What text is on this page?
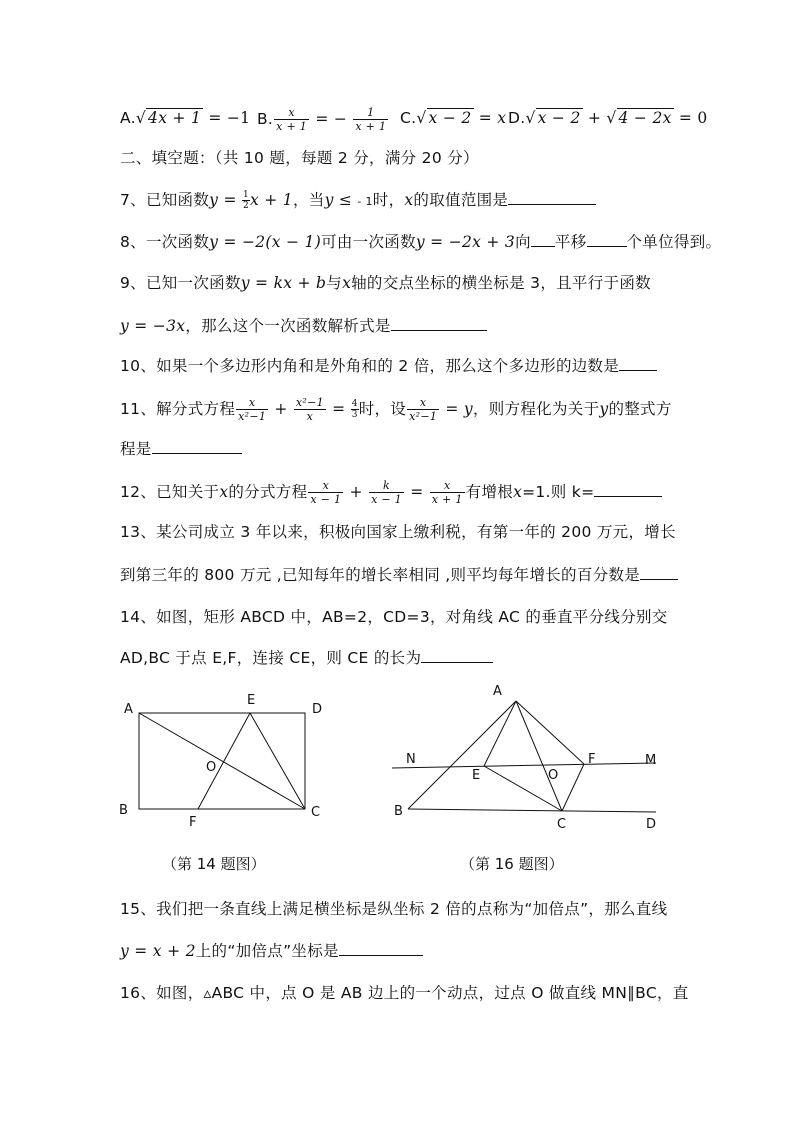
A.√ 4x + 1 = −1 B. $\frac{x}{x + 1}$ = − $\frac{1}{x + 1} C.√$ x − 2 = x D.√ x − 2 + √ 4 − 2x = 0
二、填空题：（共 10 题，每题 2 分，满分 20 分）
7、已知函数$y = \frac{1}{2}$ x + 1，当y ≤ - 1时，x的取值范围是
8、一次函数y = −2(x − 1)可由一次函数y = −2x + 3向 平移	个单位得到。
9、已知一次函数y = kx + b与x轴的交点坐标的横坐标是 3，且平行于函数
y = −3x，那么这个一次函数解析式是
10、如果一个多边形内角和是外角和的 2 倍，那么这个多边形的边数是
11、解分式方程 $\frac{x}{\text{x²−1}} + \frac{\text{x²−1}}{x} = \frac{4}{3}$ 时，设 $\frac{x}{\text{x²−1}} = y$，则方程化为关于y的整式方
程是
12、已知关于x的分式方程 $\frac{x}{x - 1} + \frac{k}{x - 1} = \frac{x}{x + 1}$ 有增根x=1.则 k=
13、某公司成立 3 年以来，积极向国家上缴利税，有第一年的 200 万元，增长
到第三年的 800 万元 ,已知每年的增长率相同 ,则平均每年增长的百分数是
14、如图，矩形 ABCD 中，AB=2，CD=3，对角线 AC 的垂直平分线分别交
AD,BC 于点 E,F，连接 CE，则 CE 的长为
A
E
D
O
B
F
C
（第 14 题图）
A
N
E	O
F	M
B
C	D
（第 16 题图）
15、我们把一条直线上满足横坐标是纵坐标 2 倍的点称为“加倍点”，那么直线
y = x + 2上的“加倍点”坐标是
16、如图，▵ABC 中，点 O 是 AB 边上的一个动点，过点 O 做直线 MN∥BC，直
